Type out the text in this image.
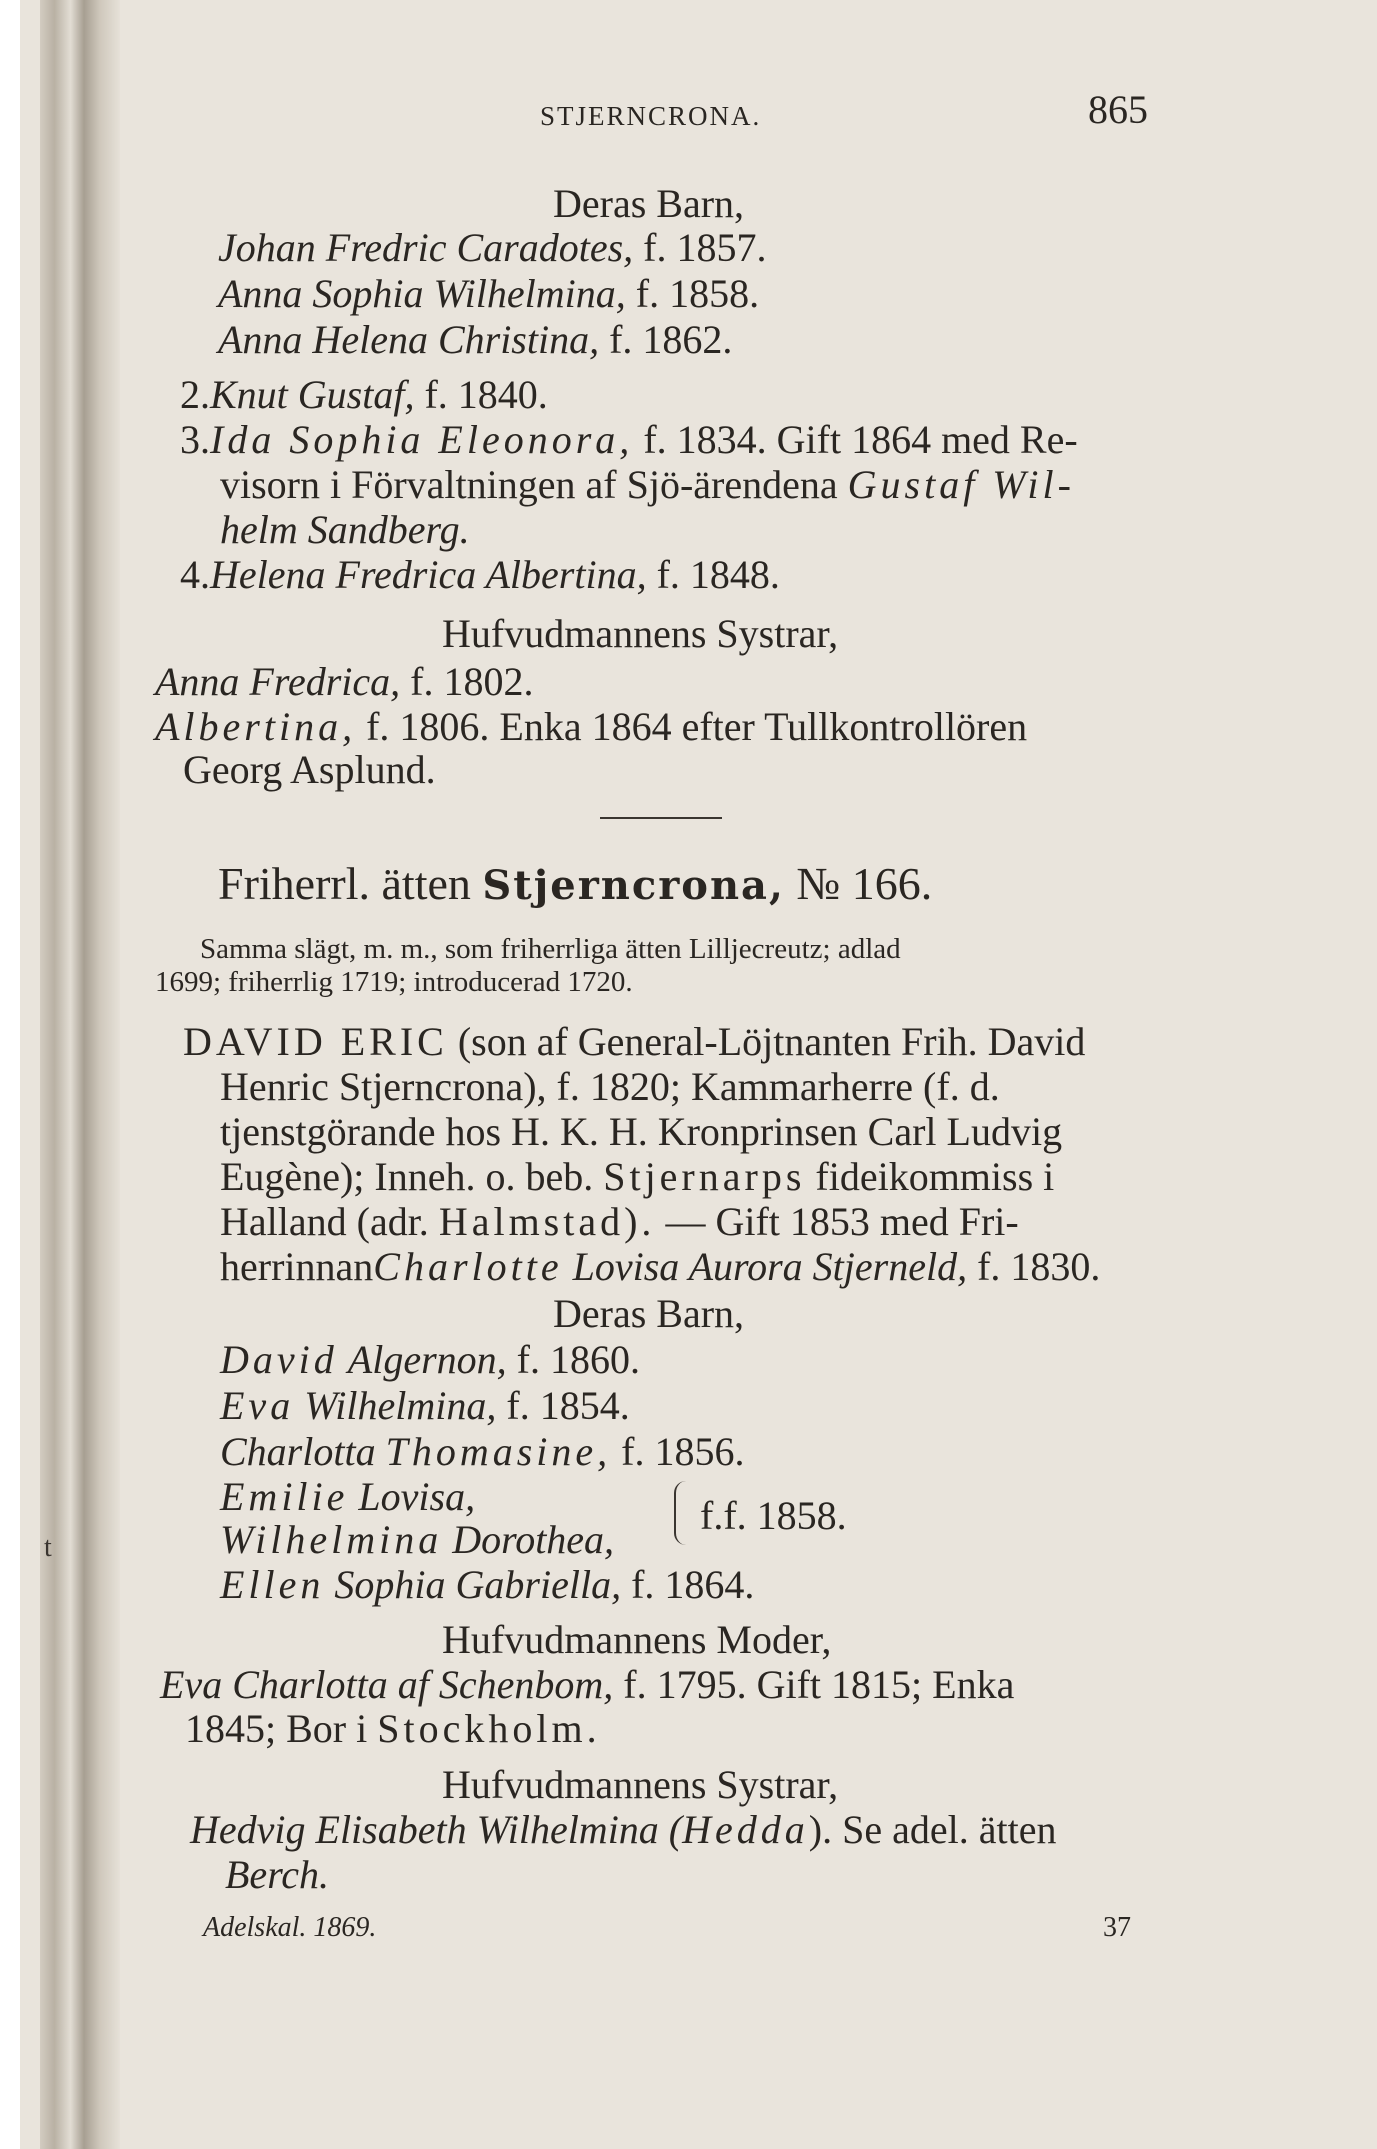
STJERNCRONA.	865
Deras Barn,
Johan Fredric Caradotes, f. 1857.
Anna Sophia Wilhelmina, f. 1858.
Anna Helena Christina, f. 1862.
2.Knut Gustaf, f. 1840.
3.Ida Sophia Eleonora, f. 1834. Gift 1864 med Re-
visorn i Förvaltningen af Sjö-ärendena Gustaf Wil-
helm Sandberg.
4.Helena Fredrica Albertina, f. 1848.
Hufvudmannens Systrar,
Anna Fredrica, f. 1802.
Albertina, f. 1806. Enka 1864 efter Tullkontrollören
Georg Asplund.
Friherrl. ätten Stjerncrona, № 166.
Samma slägt, m. m., som friherrliga ätten Lilljecreutz; adlad
1699; friherrlig 1719; introducerad 1720.
DAVID ERIC (son af General-Löjtnanten Frih. David
Henric Stjerncrona), f. 1820; Kammarherre (f. d.
tjenstgörande hos H. K. H. Kronprinsen Carl Ludvig
Eugène); Inneh. o. beb. Stjernarps fideikommiss i
Halland (adr. Halmstad). — Gift 1853 med Fri-
herrinnanCharlotte Lovisa Aurora Stjerneld, f. 1830.
Deras Barn,
David Algernon, f. 1860.
Eva Wilhelmina, f. 1854.
Charlotta Thomasine, f. 1856.
Emilie Lovisa,
Wilhelmina Dorothea,
f.f. 1858.
Ellen Sophia Gabriella, f. 1864.
Hufvudmannens Moder,
Eva Charlotta af Schenbom, f. 1795. Gift 1815; Enka
1845; Bor i Stockholm.
Hufvudmannens Systrar,
Hedvig Elisabeth Wilhelmina (Hedda). Se adel. ätten
Berch.
Adelskal. 1869.	37
t
